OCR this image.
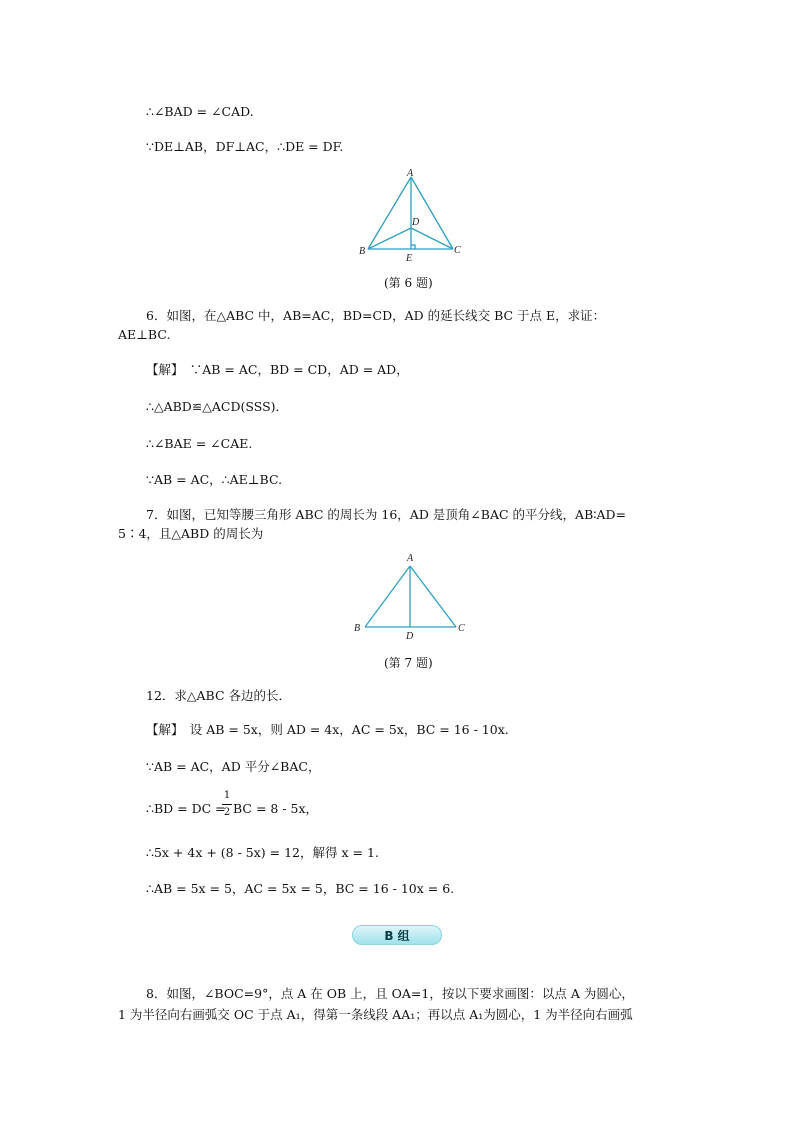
∴∠BAD = ∠CAD.
∵DE⊥AB，DF⊥AC，∴DE = DF.
A
B	C
D
E
(第 6 题)
6．如图，在△ABC 中，AB=AC，BD=CD，AD 的延长线交 BC 于点 E，求证：
AE⊥BC.
【解】　∵AB = AC，BD = CD，AD = AD，
∴△ABD≌△ACD(SSS)．
∴∠BAE = ∠CAE.
∵AB = AC，∴AE⊥BC.
7．如图，已知等腰三角形 ABC 的周长为 16，AD 是顶角∠BAC 的平分线，AB∶AD=
5∶4，且△ABD 的周长为
A
B	C
D
(第 7 题)
12．求△ABC 各边的长．
【解】　设 AB = 5x，则 AD = 4x，AC = 5x，BC = 16 - 10x.
∵AB = AC，AD 平分∠BAC，
∴BD = DC =
1
2 BC = 8 - 5x，
∴5x + 4x + (8 - 5x) = 12，解得 x = 1.
∴AB = 5x = 5，AC = 5x = 5，BC = 16 - 10x = 6.
B 组
8．如图，∠BOC=9°，点 A 在 OB 上，且 OA=1，按以下要求画图：以点 A 为圆心，
1 为半径向右画弧交 OC 于点 A₁，得第一条线段 AA₁；再以点 A₁为圆心，1 为半径向右画弧
